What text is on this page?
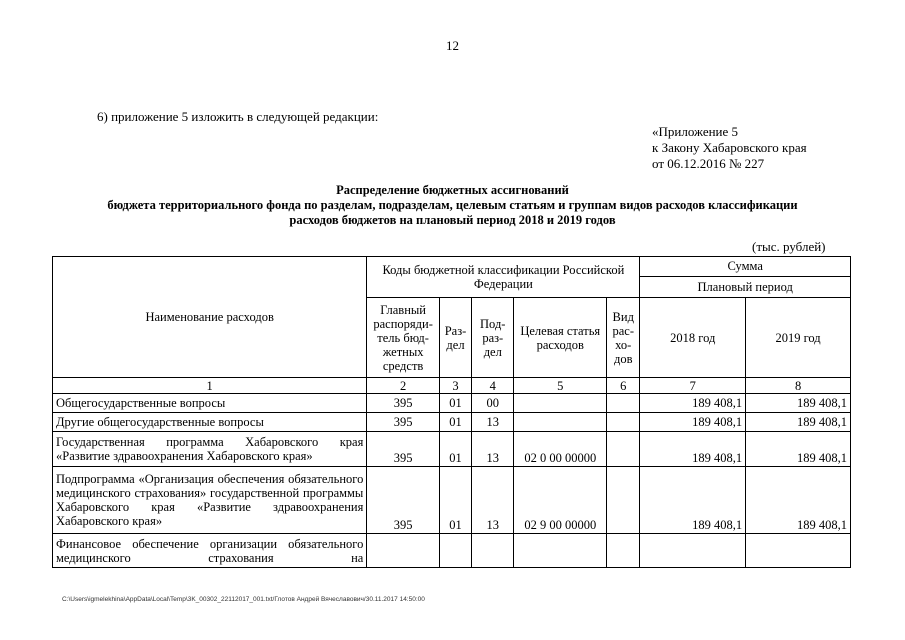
12
6) приложение 5 изложить в следующей редакции:
«Приложение 5
к Закону Хабаровского края
от 06.12.2016 № 227
Распределение бюджетных ассигнований
бюджета территориального фонда по разделам, подразделам, целевым статьям и группам видов расходов классификации
расходов бюджетов на плановый период 2018 и 2019 годов
(тыс. рублей)
Наименование расходов	Коды бюджетной классификации Российской Федерации					Сумма
Плановый период	

	Главный распоряди- тель бюд- жетных средств	Раз- дел	Под- раз- дел	Целевая статья расходов	Вид рас- хо- дов	2018 год	2019 год
1	2	3	4	5	6	7	8
Общегосударственные вопросы	395	01	00			189 408,1	189 408,1
Другие общегосударственные вопросы	395	01	13			189 408,1	189 408,1
Государственная программа Хабаровского края «Развитие здравоохранения Хабаровского края»	395	01	13	02 0 00 00000		189 408,1	189 408,1
Подпрограмма «Организация обеспечения обязательного медицинского страхования» государственной программы Хабаровского края «Развитие здравоохранения Хабаровского края»	395	01	13	02 9 00 00000		189 408,1	189 408,1
Финансовое обеспечение организации обязательного медицинского страхования на							
C:\Users\igmelekhina\AppData\Local\Temp\3K_00302_22112017_001.txt/Глотов Андрей Вячеславович/30.11.2017 14:50:00
